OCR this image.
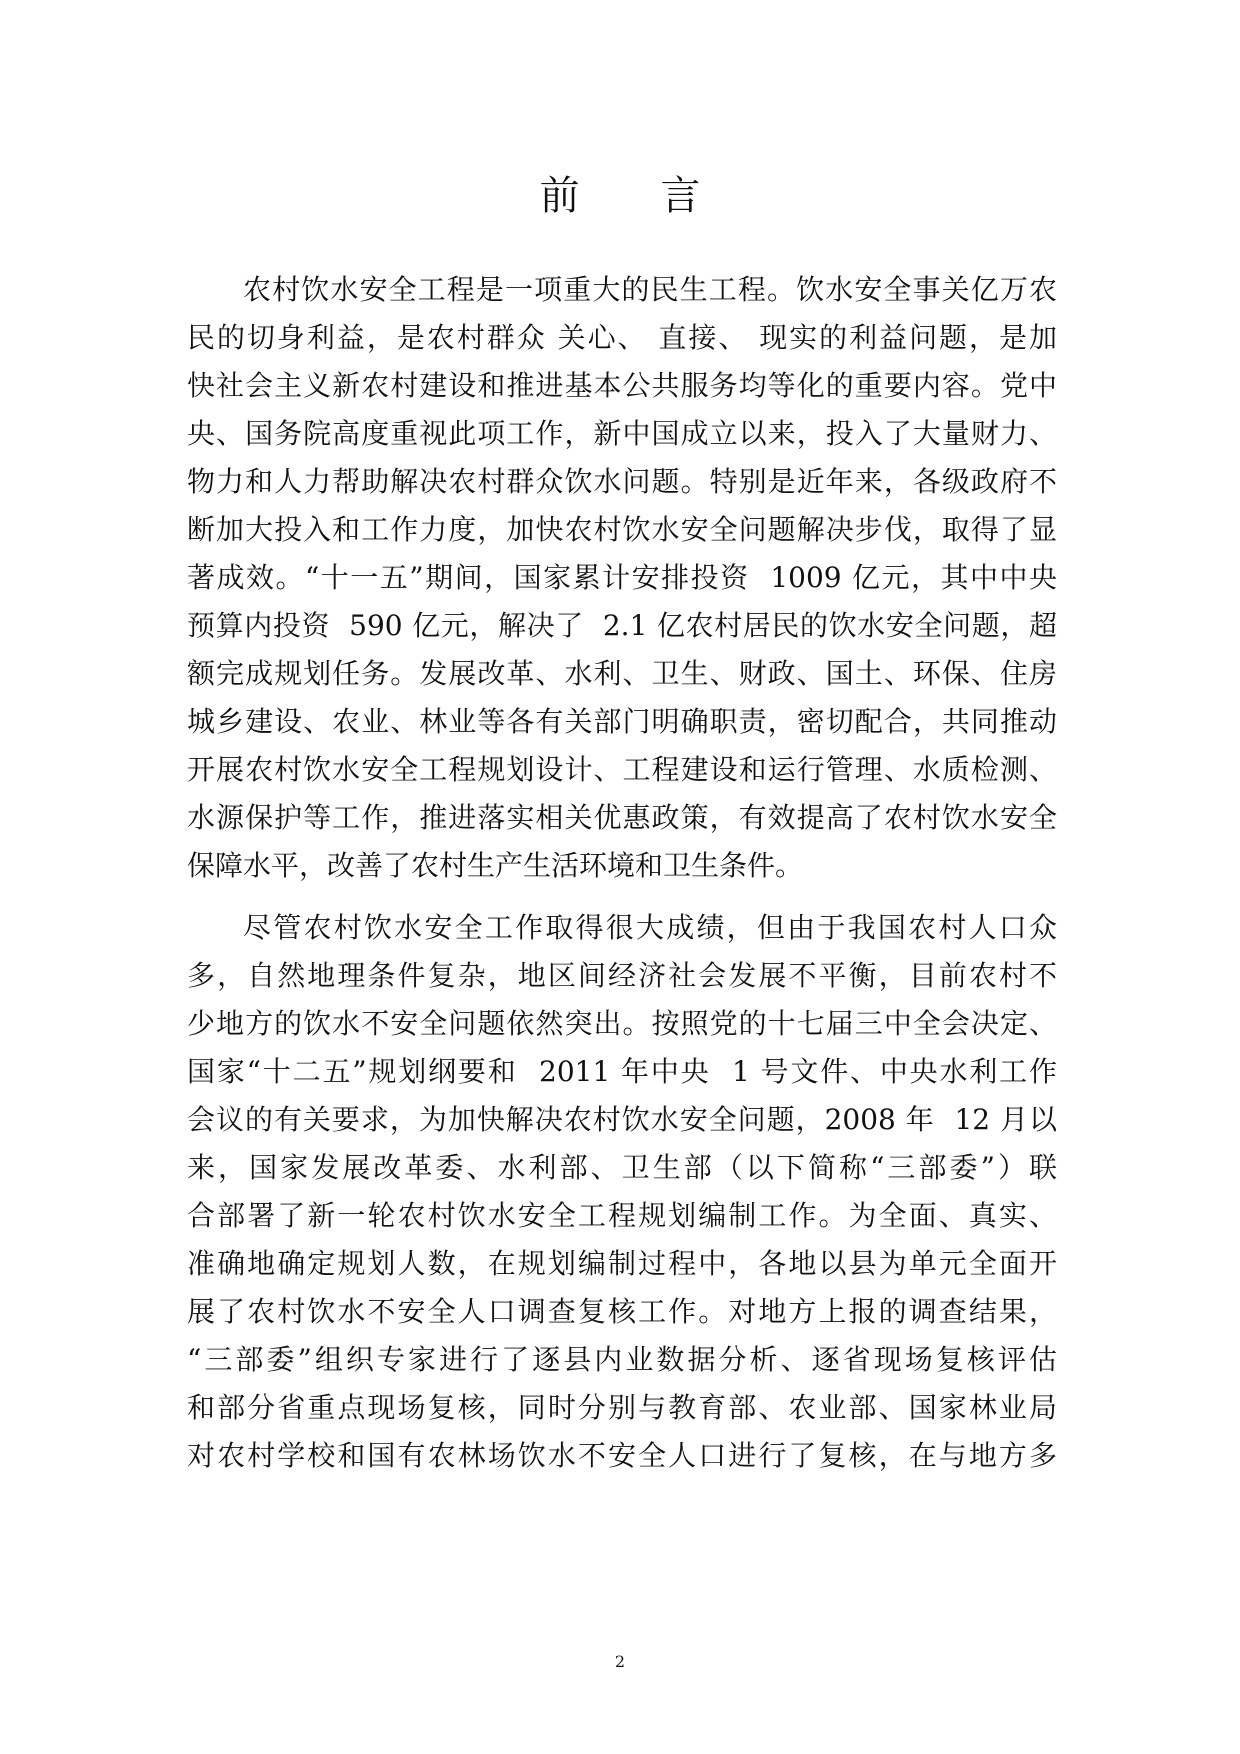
前 言
农村饮水安全工程是一项重大的民生工程。饮水安全事关亿万农
民的切身利益，是农村群众 关心、 直接、 现实的利益问题，是加
快社会主义新农村建设和推进基本公共服务均等化的重要内容。党中
央、国务院高度重视此项工作，新中国成立以来，投入了大量财力、
物力和人力帮助解决农村群众饮水问题。特别是近年来，各级政府不
断加大投入和工作力度，加快农村饮水安全问题解决步伐，取得了显
著成效。“十一五”期间，国家累计安排投资  1009 亿元，其中中央
预算内投资  590 亿元，解决了  2.1 亿农村居民的饮水安全问题，超
额完成规划任务。发展改革、水利、卫生、财政、国土、环保、住房
城乡建设、农业、林业等各有关部门明确职责，密切配合，共同推动
开展农村饮水安全工程规划设计、工程建设和运行管理、水质检测、
水源保护等工作，推进落实相关优惠政策，有效提高了农村饮水安全
保障水平，改善了农村生产生活环境和卫生条件。
尽管农村饮水安全工作取得很大成绩，但由于我国农村人口众
多，自然地理条件复杂，地区间经济社会发展不平衡，目前农村不
少地方的饮水不安全问题依然突出。按照党的十七届三中全会决定、
国家“十二五”规划纲要和  2011 年中央  1 号文件、中央水利工作
会议的有关要求，为加快解决农村饮水安全问题，2008 年  12 月以
来，国家发展改革委、水利部、卫生部（以下简称“三部委”）联
合部署了新一轮农村饮水安全工程规划编制工作。为全面、真实、
准确地确定规划人数，在规划编制过程中，各地以县为单元全面开
展了农村饮水不安全人口调查复核工作。对地方上报的调查结果，
“三部委”组织专家进行了逐县内业数据分析、逐省现场复核评估
和部分省重点现场复核，同时分别与教育部、农业部、国家林业局
对农村学校和国有农林场饮水不安全人口进行了复核，在与地方多
2
